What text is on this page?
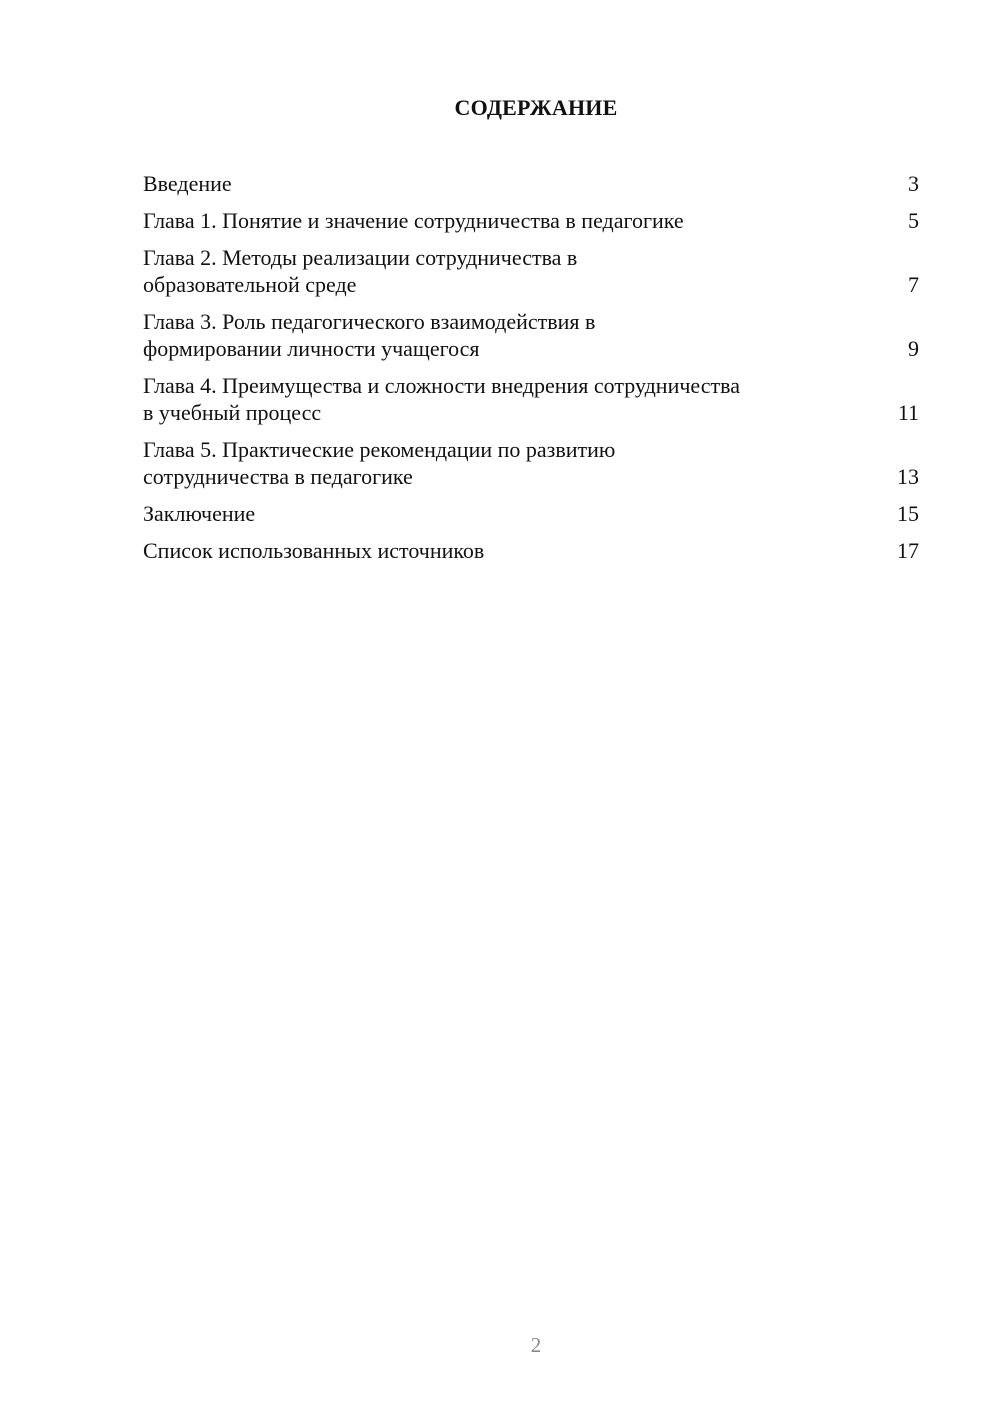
СОДЕРЖАНИЕ
Введение	3
Глава 1. Понятие и значение сотрудничества в педагогике	5
Глава 2. Методы реализации сотрудничества в
образовательной среде	7
Глава 3. Роль педагогического взаимодействия в
формировании личности учащегося	9
Глава 4. Преимущества и сложности внедрения сотрудничества
в учебный процесс	11
Глава 5. Практические рекомендации по развитию
сотрудничества в педагогике	13
Заключение	15
Список использованных источников	17
2
